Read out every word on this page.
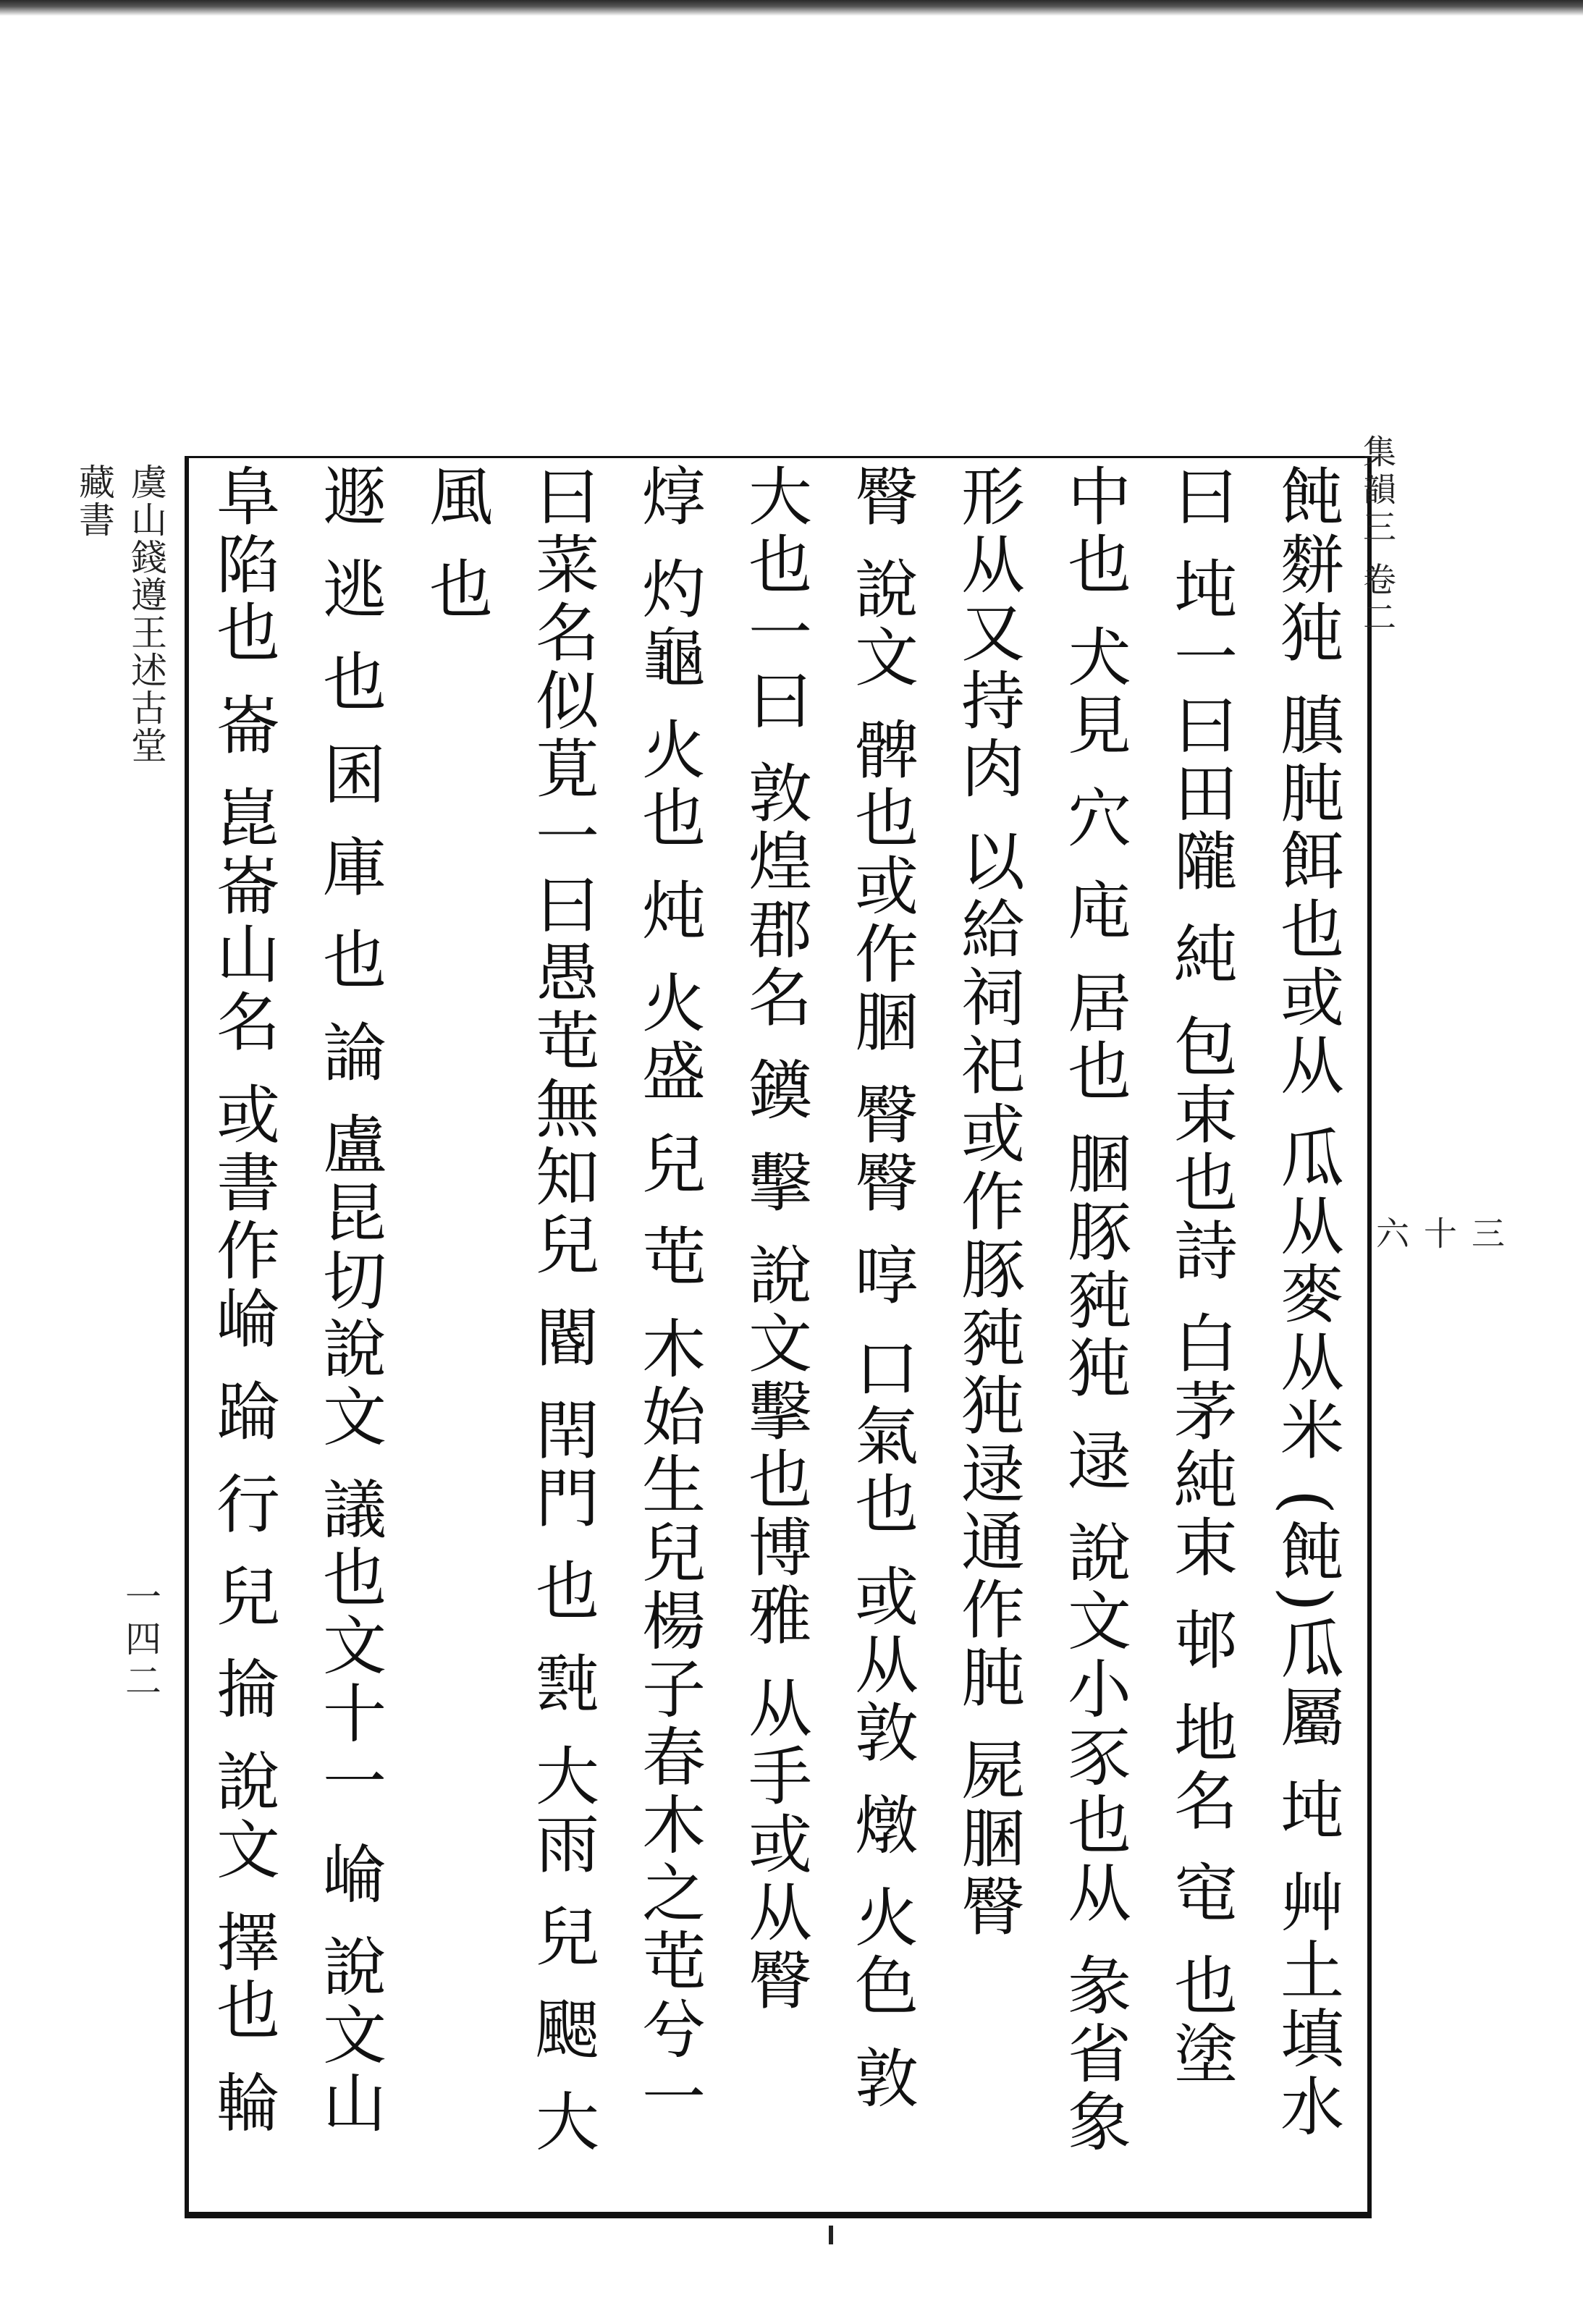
集韻三 卷二
三十六
虞山錢遵王述古堂藏書
一四二	飩䴵㹠 䐜肫餌也或从 瓜从麥从米 (飩)瓜屬 坉 艸土填水曰 坉一曰田隴 純 包束也詩 白茅純束 邨 地名 窀 也塗
中也 犬見 穴 庉 居也 䐃豚豘㹠 逯 說文小豕也从 彖省象形从又持肉 以給祠祀或作豚豘㹠逯通作肫 屍䐃臀
臀 說文 髀也或作䐃 臀臀 啍 口氣也 或从敦 燉 火色 敦 大也一曰 敦煌郡名 䥖 擊 說文擊也博雅 从手或从臀
焞 灼龜 火也 炖 火盛 兒 芚 木始生兒楊子春木之芚兮一 曰菜名似莧一曰愚芚無知兒 閽 閈門 也 霕 大雨 兒 颸 大風 也
遯 逃 也 囷 庫 也 論 盧昆切說文 議也文十一 崘 說文山 阜陷也 崙 崑崙山名 或書作崘 踚 行 兒 掄 說文 擇也 輪
